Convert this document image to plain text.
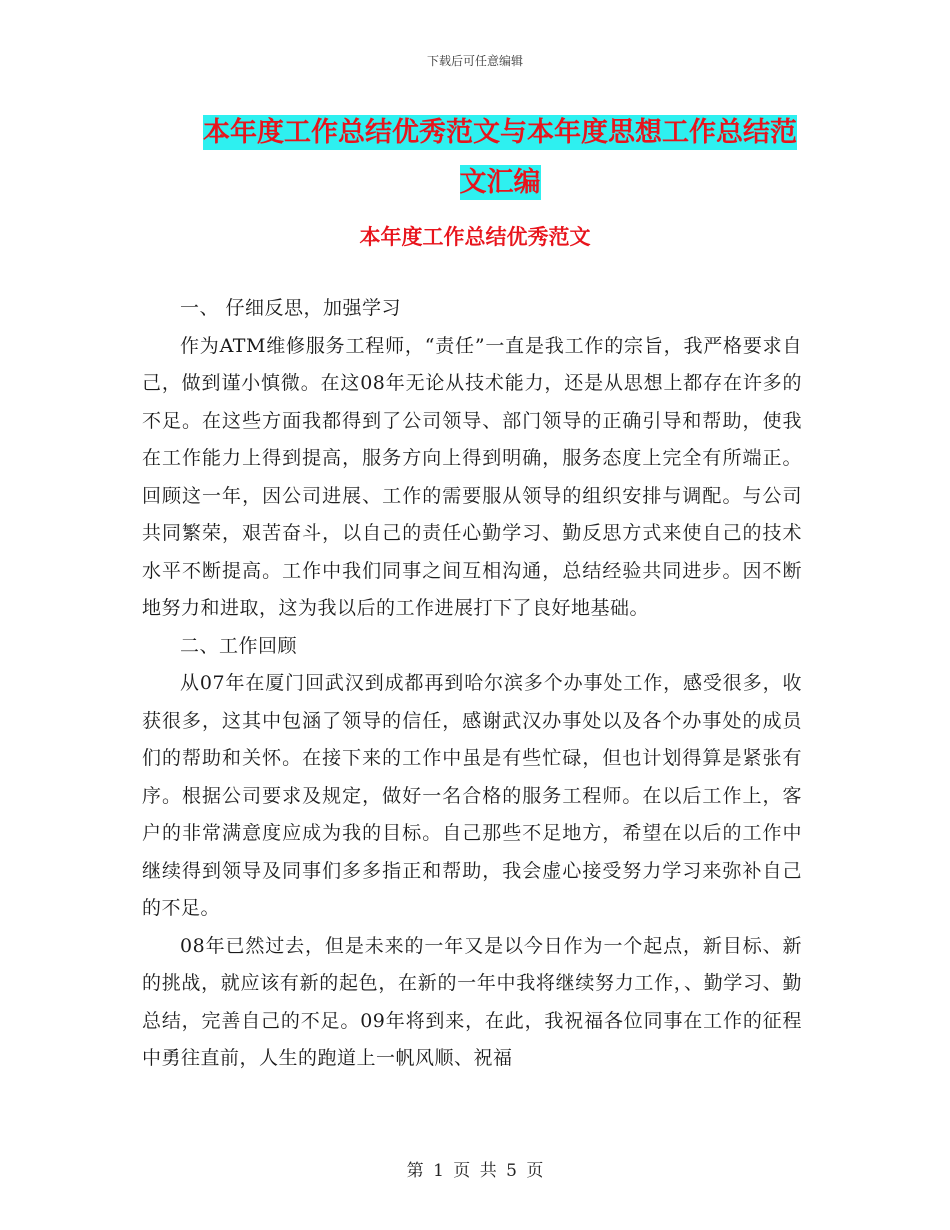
下载后可任意编辑
本年度工作总结优秀范文与本年度思想工作总结范文汇编
本年度工作总结优秀范文

一、 仔细反思，加强学习

作为ATM维修服务工程师，“责任”一直是我工作的宗旨，我严格要求自己，做到谨小慎微。在这08年无论从技术能力，还是从思想上都存在许多的不足。在这些方面我都得到了公司领导、部门领导的正确引导和帮助，使我在工作能力上得到提高，服务方向上得到明确，服务态度上完全有所端正。回顾这一年，因公司进展、工作的需要服从领导的组织安排与调配。与公司共同繁荣，艰苦奋斗，以自己的责任心勤学习、勤反思方式来使自己的技术水平不断提高。工作中我们同事之间互相沟通，总结经验共同进步。因不断地努力和进取，这为我以后的工作进展打下了良好地基础。

二、工作回顾

从07年在厦门回武汉到成都再到哈尔滨多个办事处工作，感受很多，收获很多，这其中包涵了领导的信任，感谢武汉办事处以及各个办事处的成员们的帮助和关怀。在接下来的工作中虽是有些忙碌，但也计划得算是紧张有序。根据公司要求及规定，做好一名合格的服务工程师。在以后工作上，客户的非常满意度应成为我的目标。自己那些不足地方，希望在以后的工作中继续得到领导及同事们多多指正和帮助，我会虚心接受努力学习来弥补自己的不足。

08年已然过去，但是未来的一年又是以今日作为一个起点，新目标、新的挑战，就应该有新的起色，在新的一年中我将继续努力工作，、勤学习、勤总结，完善自己的不足。09年将到来，在此，我祝福各位同事在工作的征程中勇往直前，人生的跑道上一帆风顺、祝福

第 1 页 共 5 页
